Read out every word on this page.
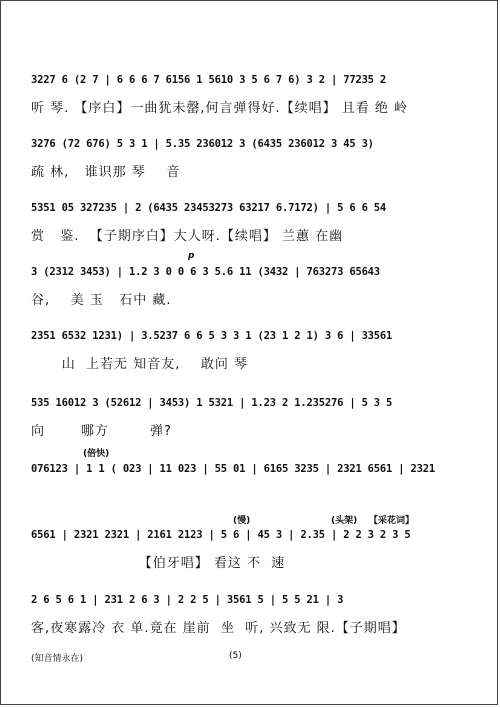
3227 6 (2 7 | 6 6 6 7 6156 1 5610 3 5 6 7 6) 3 2 | 77235 2
听 琴. 【序白】一曲犹未罄,何言弹得好.【续唱】 且看 绝 岭
3276 (72 676) 5 3 1 | 5.35 236012 3 (6435 236012 3 45 3)
疏 林,   谁识那 琴    音
5351 05 327235 | 2 (6435 23453273 63217 6.7172) | 5 6 6 54
赏   鉴.  【子期序白】大人呀.【续唱】 兰蕙 在幽
p
3 (2312 3453) | 1.2 3 0 0 6 3 5.6 11 (3432 | 763273 65643
谷,    美 玉   石中 藏.
2351 6532 1231) | 3.5237 6 6 5 3 3 1 (23 1 2 1) 3 6 | 33561
山  上若无 知音友,    敢问 琴
535 16012 3 (52612 | 3453) 1 5321 | 1.23 2 1.235276 | 5 3 5
向       哪方        弹?
(倍快)
076123 | 1 1 ( 023 | 11 023 | 55 01 | 6165 3235 | 2321 6561 | 2321
(慢)	(头架) 【采花词】
6561 | 2321 2321 | 2161 2123 | 5 6 | 45 3 | 2.35 | 2 2 3 2 3 5
【伯牙唱】 看这 不  速
2 6 5 6 1 | 231 2 6 3 | 2 2 5 | 3561 5 | 5 5 21 | 3
客,夜寒露冷 衣 单.竟在 崖前  坐  听, 兴致无 限.【子期唱】
(知音情永在)	(5)
